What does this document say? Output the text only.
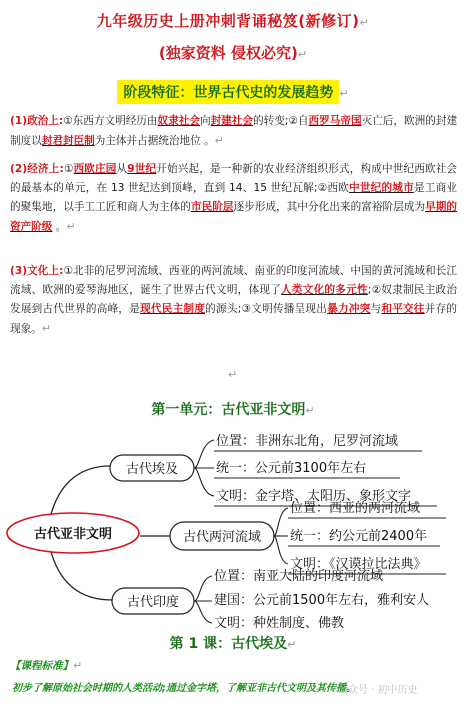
九年级历史上册冲刺背诵秘笈(新修订)↵
(独家资料 侵权必究)↵
阶段特征：世界古代史的发展趋势 ↵
(1)政治上:①东西方文明经历由奴隶社会向封建社会的转变;②自西罗马帝国灭亡后，欧洲的封建制度以封君封臣制为主体并占据统治地位 。↵
(2)经济上:①西欧庄园从9世纪开始兴起，是一种新的农业经济组织形式，构成中世纪西欧社会的最基本的单元，在 13 世纪达到顶峰，直到 14、15 世纪瓦解;②西欧中世纪的城市是工商业的聚集地，以手工工匠和商人为主体的市民阶层逐步形成，其中分化出来的富裕阶层成为早期的资产阶级 。↵
(3)文化上:①北非的尼罗河流域、西亚的两河流域、南亚的印度河流域、中国的黄河流域和长江流域、欧洲的爱琴海地区，诞生了世界古代文明，体现了人类文化的多元性;②奴隶制民主政治发展到古代世界的高峰，是现代民主制度的源头;③文明传播呈现出暴力冲突与和平交往并存的现象。↵
↵
第一单元：古代亚非文明↵
古代亚非文明
古代埃及
位置：非洲东北角，尼罗河流域
统一：公元前3100年左右
文明：金字塔、太阳历、象形文字
古代两河流域
位置：西亚的两河流域
统一：约公元前2400年
文明：《汉谟拉比法典》
古代印度
位置：南亚大陆的印度河流域
建国：公元前1500年左右，雅利安人
文明：种姓制度、佛教
第 1 课：古代埃及↵
【课程标准】↵
初步了解原始社会时期的人类活动;通过金字塔，了解亚非古代文明及其传播。
公众号 · 初中历史
